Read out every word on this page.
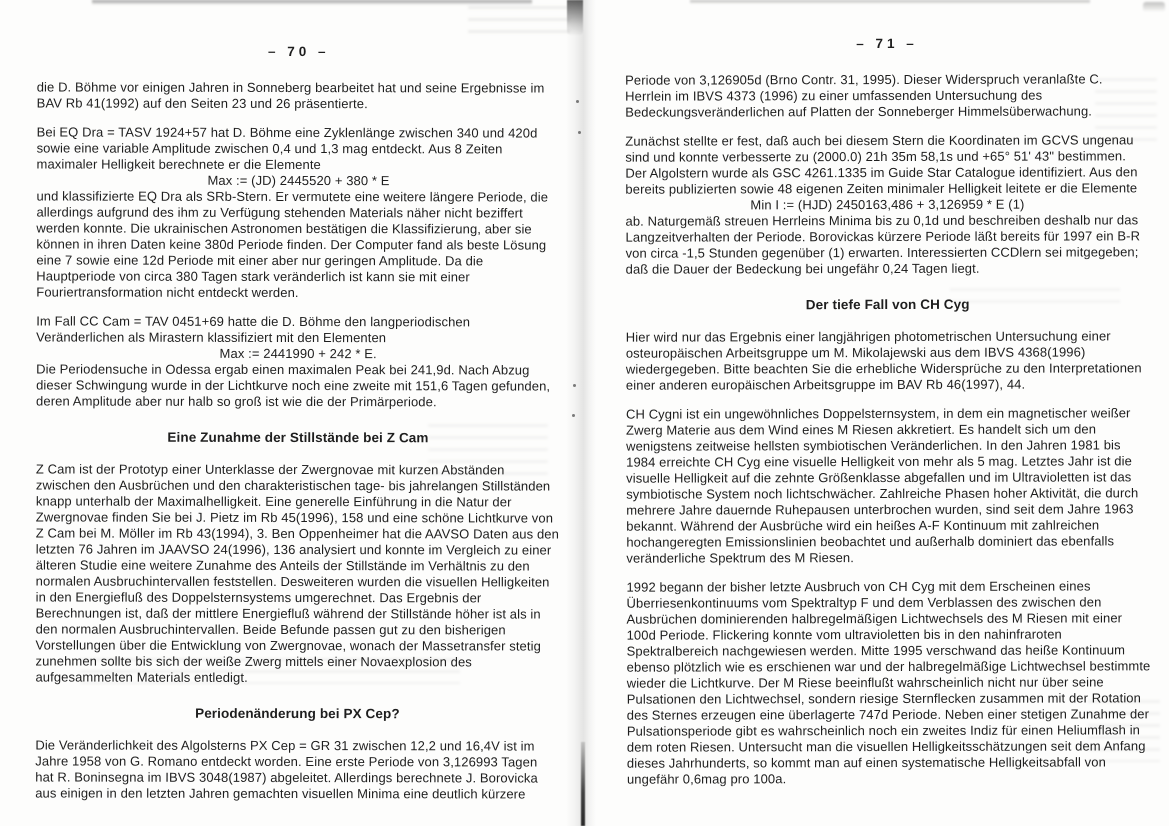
– 70 –

die D. Böhme vor einigen Jahren in Sonneberg bearbeitet hat und seine Ergebnisse im BAV Rb 41(1992) auf den Seiten 23 und 26 präsentierte.

Bei EQ Dra = TASV 1924+57 hat D. Böhme eine Zyklenlänge zwischen 340 und 420d sowie eine variable Amplitude zwischen 0,4 und 1,3 mag entdeckt. Aus 8 Zeiten maximaler Helligkeit berechnete er die Elemente

Max := (JD) 2445520 + 380 * E

und klassifizierte EQ Dra als SRb-Stern. Er vermutete eine weitere längere Periode, die allerdings aufgrund des ihm zu Verfügung stehenden Materials näher nicht beziffert werden konnte. Die ukrainischen Astronomen bestätigen die Klassifizierung, aber sie können in ihren Daten keine 380d Periode finden. Der Computer fand als beste Lösung eine 7 sowie eine 12d Periode mit einer aber nur geringen Amplitude. Da die Hauptperiode von circa 380 Tagen stark veränderlich ist kann sie mit einer Fouriertransformation nicht entdeckt werden.

Im Fall CC Cam = TAV 0451+69 hatte die D. Böhme den langperiodischen Veränderlichen als Mirastern klassifiziert mit den Elementen

Max := 2441990 + 242 * E.

Die Periodensuche in Odessa ergab einen maximalen Peak bei 241,9d. Nach Abzug dieser Schwingung wurde in der Lichtkurve noch eine zweite mit 151,6 Tagen gefunden, deren Amplitude aber nur halb so groß ist wie die der Primärperiode.

Eine Zunahme der Stillstände bei Z Cam

Z Cam ist der Prototyp einer Unterklasse der Zwergnovae mit kurzen Abständen zwischen den Ausbrüchen und den charakteristischen tage- bis jahrelangen Stillständen knapp unterhalb der Maximalhelligkeit. Eine generelle Einführung in die Natur der Zwergnovae finden Sie bei J. Pietz im Rb 45(1996), 158 und eine schöne Lichtkurve von Z Cam bei M. Möller im Rb 43(1994), 3. Ben Oppenheimer hat die AAVSO Daten aus den letzten 76 Jahren im JAAVSO 24(1996), 136 analysiert und konnte im Vergleich zu einer älteren Studie eine weitere Zunahme des Anteils der Stillstände im Verhältnis zu den normalen Ausbruchintervallen feststellen. Desweiteren wurden die visuellen Helligkeiten in den Energiefluß des Doppelsternsystems umgerechnet. Das Ergebnis der Berechnungen ist, daß der mittlere Energiefluß während der Stillstände höher ist als in den normalen Ausbruchintervallen. Beide Befunde passen gut zu den bisherigen Vorstellungen über die Entwicklung von Zwergnovae, wonach der Massetransfer stetig zunehmen sollte bis sich der weiße Zwerg mittels einer Novaexplosion des aufgesammelten Materials entledigt.

Periodenänderung bei PX Cep?

Die Veränderlichkeit des Algolsterns PX Cep = GR 31 zwischen 12,2 und 16,4V ist im Jahre 1958 von G. Romano entdeckt worden. Eine erste Periode von 3,126993 Tagen hat R. Boninsegna im IBVS 3048(1987) abgeleitet. Allerdings berechnete J. Borovicka aus einigen in den letzten Jahren gemachten visuellen Minima eine deutlich kürzere

– 71 –

Periode von 3,126905d (Brno Contr. 31, 1995). Dieser Widerspruch veranlaßte C. Herrlein im IBVS 4373 (1996) zu einer umfassenden Untersuchung des Bedeckungsveränderlichen auf Platten der Sonneberger Himmelsüberwachung.

Zunächst stellte er fest, daß auch bei diesem Stern die Koordinaten im GCVS ungenau sind und konnte verbesserte zu (2000.0) 21h 35m 58,1s und +65° 51' 43" bestimmen. Der Algolstern wurde als GSC 4261.1335 im Guide Star Catalogue identifiziert. Aus den bereits publizierten sowie 48 eigenen Zeiten minimaler Helligkeit leitete er die Elemente

Min I := (HJD) 2450163,486 + 3,126959 * E (1)

ab. Naturgemäß streuen Herrleins Minima bis zu 0,1d und beschreiben deshalb nur das Langzeitverhalten der Periode. Borovickas kürzere Periode läßt bereits für 1997 ein B-R von circa -1,5 Stunden gegenüber (1) erwarten. Interessierten CCDlern sei mitgegeben; daß die Dauer der Bedeckung bei ungefähr 0,24 Tagen liegt.

Der tiefe Fall von CH Cyg

Hier wird nur das Ergebnis einer langjährigen photometrischen Untersuchung einer osteuropäischen Arbeitsgruppe um M. Mikolajewski aus dem IBVS 4368(1996) wiedergegeben. Bitte beachten Sie die erhebliche Widersprüche zu den Interpretationen einer anderen europäischen Arbeitsgruppe im BAV Rb 46(1997), 44.

CH Cygni ist ein ungewöhnliches Doppelsternsystem, in dem ein magnetischer weißer Zwerg Materie aus dem Wind eines M Riesen akkretiert. Es handelt sich um den wenigstens zeitweise hellsten symbiotischen Veränderlichen. In den Jahren 1981 bis 1984 erreichte CH Cyg eine visuelle Helligkeit von mehr als 5 mag. Letztes Jahr ist die visuelle Helligkeit auf die zehnte Größenklasse abgefallen und im Ultravioletten ist das symbiotische System noch lichtschwächer. Zahlreiche Phasen hoher Aktivität, die durch mehrere Jahre dauernde Ruhepausen unterbrochen wurden, sind seit dem Jahre 1963 bekannt. Während der Ausbrüche wird ein heißes A-F Kontinuum mit zahlreichen hochangeregten Emissionslinien beobachtet und außerhalb dominiert das ebenfalls veränderliche Spektrum des M Riesen.

1992 begann der bisher letzte Ausbruch von CH Cyg mit dem Erscheinen eines Überriesenkontinuums vom Spektraltyp F und dem Verblassen des zwischen den Ausbrüchen dominierenden halbregelmäßigen Lichtwechsels des M Riesen mit einer 100d Periode. Flickering konnte vom ultravioletten bis in den nahinfraroten Spektralbereich nachgewiesen werden. Mitte 1995 verschwand das heiße Kontinuum ebenso plötzlich wie es erschienen war und der halbregelmäßige Lichtwechsel bestimmte wieder die Lichtkurve. Der M Riese beeinflußt wahrscheinlich nicht nur über seine Pulsationen den Lichtwechsel, sondern riesige Sternflecken zusammen mit der Rotation des Sternes erzeugen eine überlagerte 747d Periode. Neben einer stetigen Zunahme der Pulsationsperiode gibt es wahrscheinlich noch ein zweites Indiz für einen Heliumflash in dem roten Riesen. Untersucht man die visuellen Helligkeitsschätzungen seit dem Anfang dieses Jahrhunderts, so kommt man auf einen systematische Helligkeitsabfall von ungefähr 0,6mag pro 100a.
